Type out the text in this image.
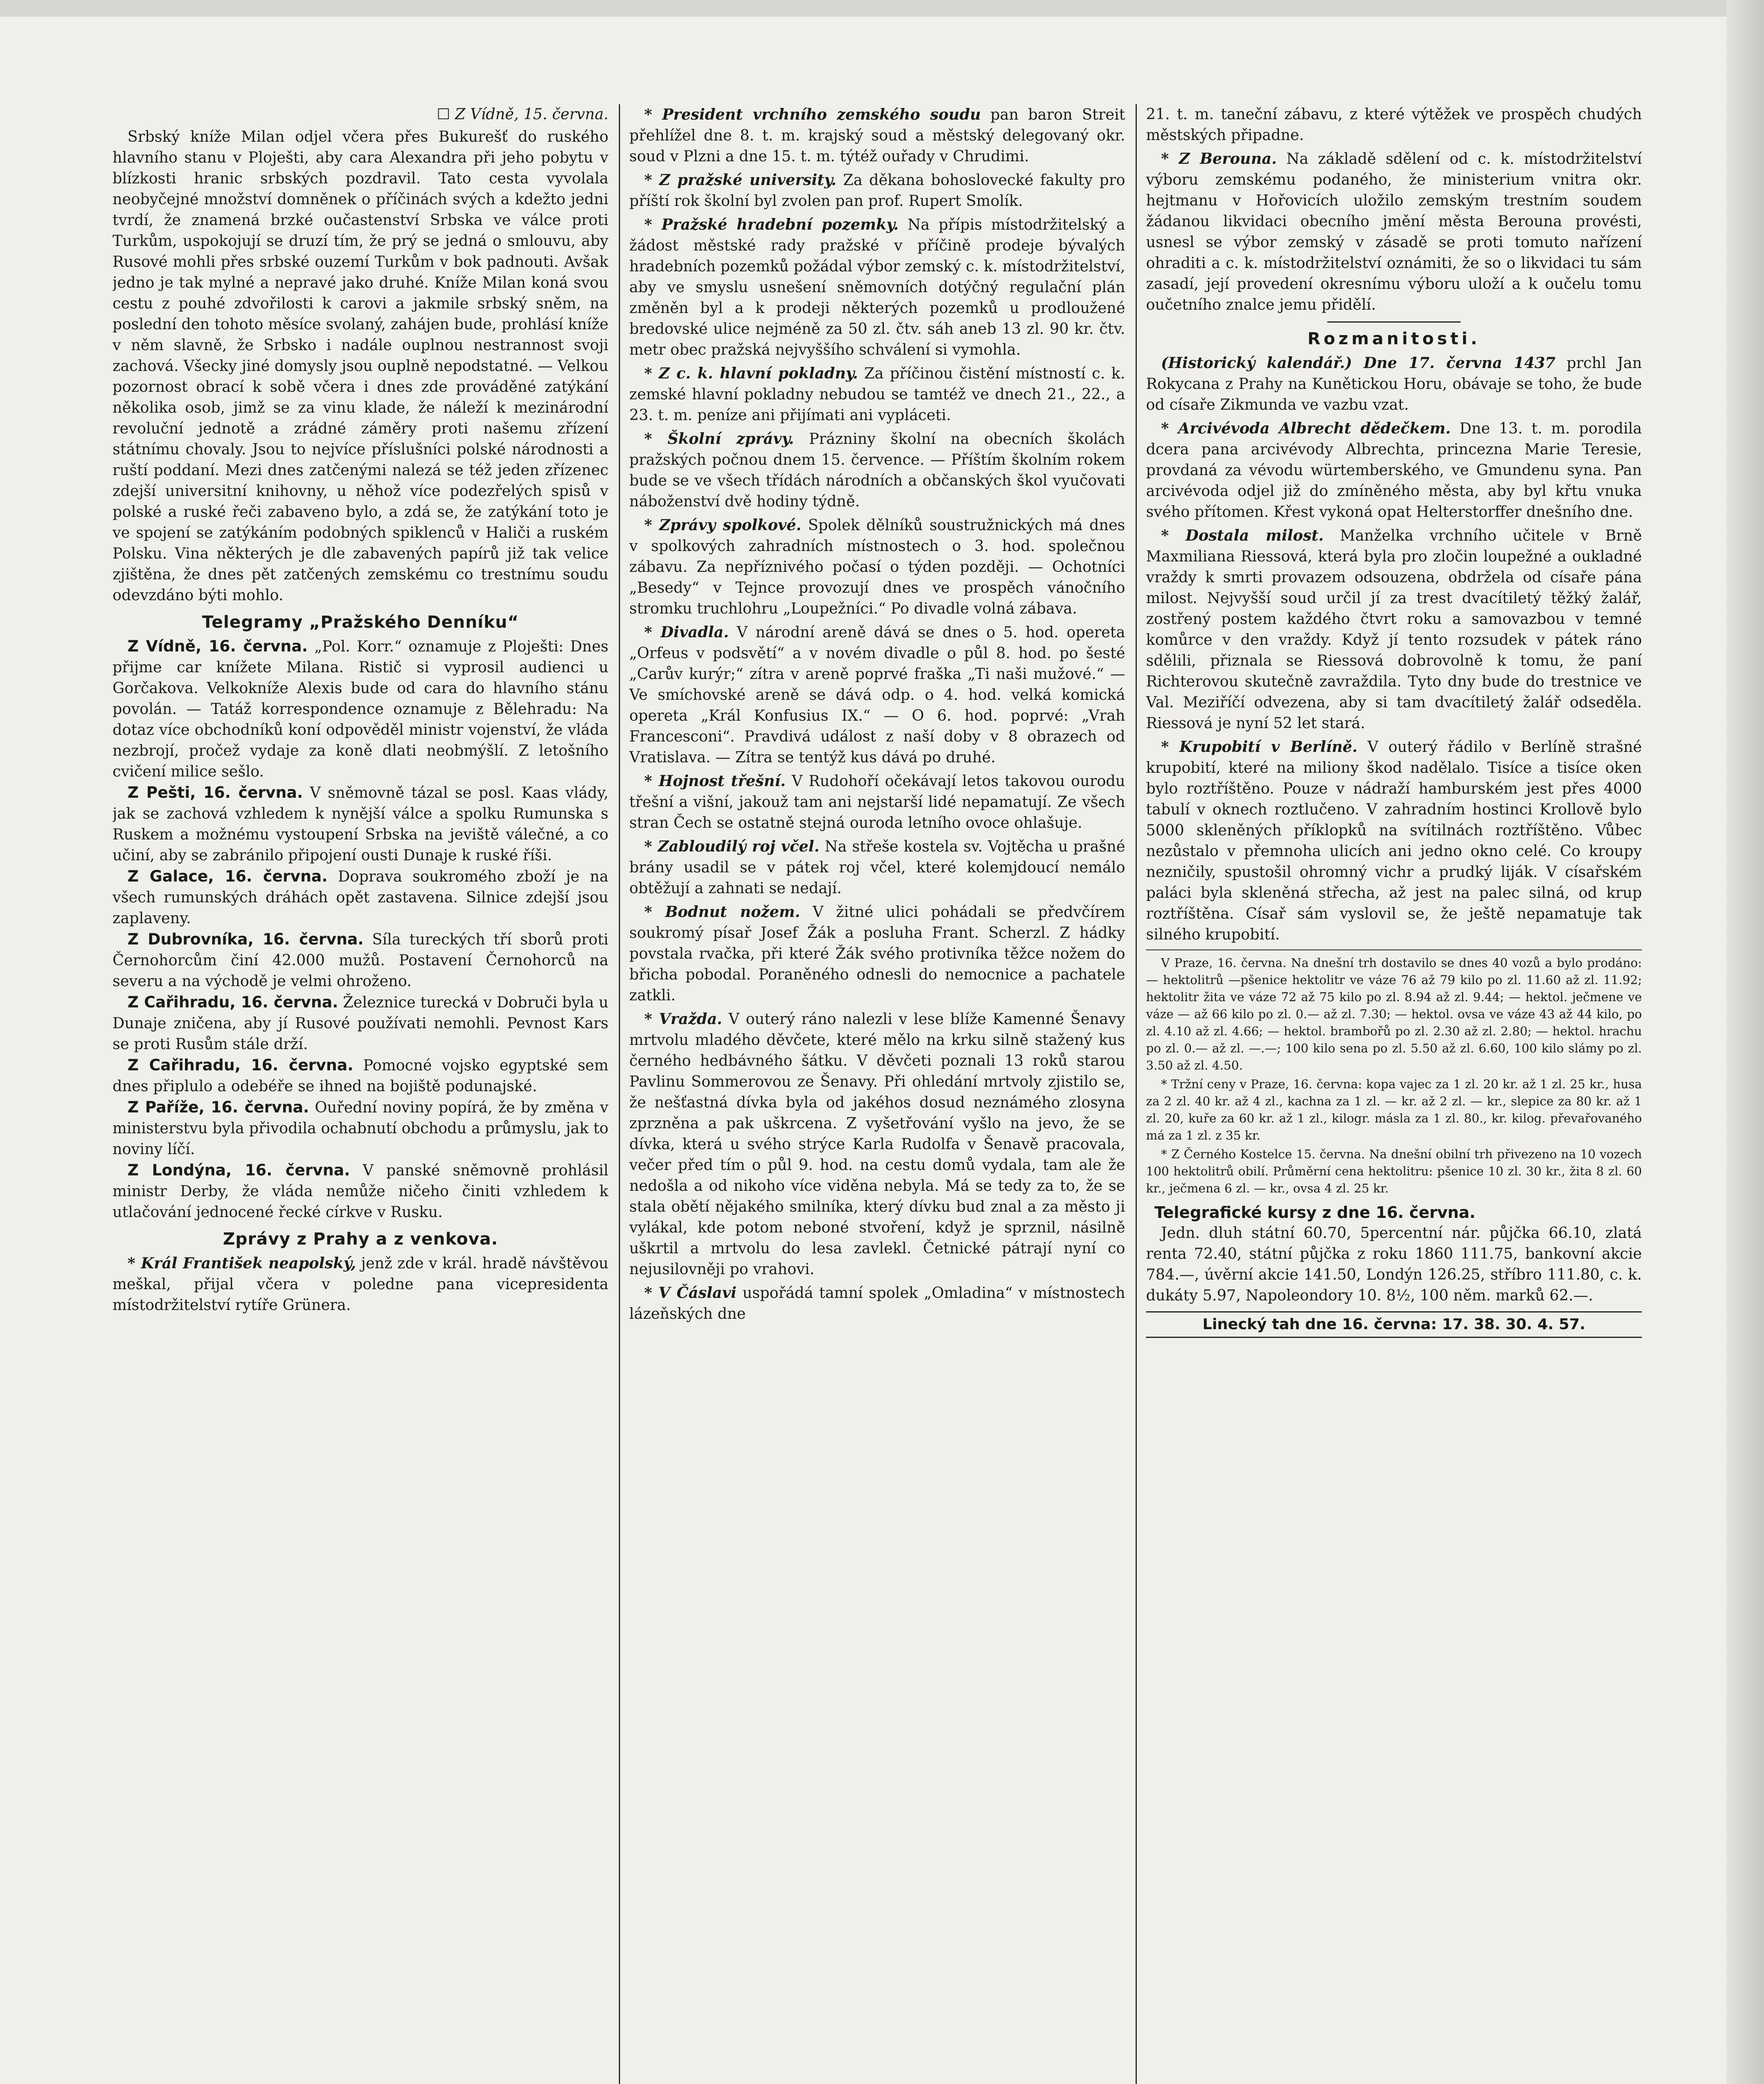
☐ Z Vídně, 15. června.

Srbský kníže Milan odjel včera přes Bukurešť do ruského hlavního stanu v Ploješti, aby cara Alexandra při jeho pobytu v blízkosti hranic srbských pozdravil. Tato cesta vyvolala neobyčejné množství domněnek o příčinách svých a kdežto jedni tvrdí, že znamená brzké oučastenství Srbska ve válce proti Turkům, uspokojují se druzí tím, že prý se jedná o smlouvu, aby Rusové mohli přes srbské ouzemí Turkům v bok padnouti. Avšak jedno je tak mylné a nepravé jako druhé. Kníže Milan koná svou cestu z pouhé zdvořilosti k carovi a jakmile srbský sněm, na poslední den tohoto měsíce svolaný, zahájen bude, prohlásí kníže v něm slavně, že Srbsko i nadále ouplnou nestrannost svoji zachová. Všecky jiné domysly jsou ouplně nepodstatné. — Velkou pozornost obrací k sobě včera i dnes zde prováděné zatýkání několika osob, jimž se za vinu klade, že náleží k mezinárodní revoluční jednotě a zrádné záměry proti našemu zřízení státnímu chovaly. Jsou to nejvíce příslušníci polské národnosti a ruští poddaní. Mezi dnes zatčenými nalezá se též jeden zřízenec zdejší universitní knihovny, u něhož více podezřelých spisů v polské a ruské řeči zabaveno bylo, a zdá se, že zatýkání toto je ve spojení se zatýkáním podobných spiklenců v Haliči a ruském Polsku. Vina některých je dle zabavených papírů již tak velice zjištěna, že dnes pět zatčených zemskému co trestnímu soudu odevzdáno býti mohlo.

Telegramy „Pražského Denníku“

Z Vídně, 16. června. „Pol. Korr.“ oznamuje z Ploješti: Dnes přijme car knížete Milana. Ristič si vyprosil audienci u Gorčakova. Velkokníže Alexis bude od cara do hlavního stánu povolán. — Tatáž korrespondence oznamuje z Bělehradu: Na dotaz více obchodníků koní odpověděl ministr vojenství, že vláda nezbrojí, pročež vydaje za koně dlati neobmýšlí. Z letošního cvičení milice sešlo.

Z Pešti, 16. června. V sněmovně tázal se posl. Kaas vlády, jak se zachová vzhledem k nynější válce a spolku Rumunska s Ruskem a možnému vystoupení Srbska na jeviště válečné, a co učiní, aby se zabránilo připojení ousti Dunaje k ruské říši.

Z Galace, 16. června. Doprava soukromého zboží je na všech rumunských dráhách opět zastavena. Silnice zdejší jsou zaplaveny.

Z Dubrovníka, 16. června. Síla tureckých tří sborů proti Černohorcům činí 42.000 mužů. Postavení Černohorců na severu a na východě je velmi ohroženo.

Z Cařihradu, 16. června. Železnice turecká v Dobruči byla u Dunaje zničena, aby jí Rusové používati nemohli. Pevnost Kars se proti Rusům stále drží.

Z Cařihradu, 16. června. Pomocné vojsko egyptské sem dnes připlulo a odebéře se ihned na bojiště podunajské.

Z Paříže, 16. června. Ouřední noviny popírá, že by změna v ministerstvu byla přivodila ochabnutí obchodu a průmyslu, jak to noviny líčí.

Z Londýna, 16. června. V panské sněmovně prohlásil ministr Derby, že vláda nemůže ničeho činiti vzhledem k utlačování jednocené řecké církve v Rusku.

Zprávy z Prahy a z venkova.

* Král František neapolský, jenž zde v král. hradě návštěvou meškal, přijal včera v poledne pana vicepresidenta místodržitelství rytíře Grünera.

* President vrchního zemského soudu pan baron Streit přehlížel dne 8. t. m. krajský soud a městský delegovaný okr. soud v Plzni a dne 15. t. m. týtéž ouřady v Chrudimi.

* Z pražské university. Za děkana bohoslovecké fakulty pro příští rok školní byl zvolen pan prof. Rupert Smolík.

* Pražské hradební pozemky. Na přípis místodržitelský a žádost městské rady pražské v příčině prodeje bývalých hradebních pozemků požádal výbor zemský c. k. místodržitelství, aby ve smyslu usnešení sněmovních dotýčný regulační plán změněn byl a k prodeji některých pozemků u prodloužené bredovské ulice nejméně za 50 zl. čtv. sáh aneb 13 zl. 90 kr. čtv. metr obec pražská nejvyššího schválení si vymohla.

* Z c. k. hlavní pokladny. Za příčinou čistění místností c. k. zemské hlavní pokladny nebudou se tamtéž ve dnech 21., 22., a 23. t. m. peníze ani přijímati ani vypláceti.

* Školní zprávy. Prázniny školní na obecních školách pražských počnou dnem 15. července. — Příštím školním rokem bude se ve všech třídách národních a občanských škol vyučovati náboženství dvě hodiny týdně.

* Zprávy spolkové. Spolek dělníků soustružnických má dnes v spolkových zahradních místnostech o 3. hod. společnou zábavu. Za nepříznivého počasí o týden později. — Ochotníci „Besedy“ v Tejnce provozují dnes ve prospěch vánočního stromku truchlohru „Loupežníci.“ Po divadle volná zábava.

* Divadla. V národní areně dává se dnes o 5. hod. opereta „Orfeus v podsvětí“ a v novém divadle o půl 8. hod. po šesté „Carův kurýr;“ zítra v areně poprvé fraška „Ti naši mužové.“ — Ve smíchovské areně se dává odp. o 4. hod. velká komická opereta „Král Konfusius IX.“ — O 6. hod. poprvé: „Vrah Francesconi“. Pravdivá událost z naší doby v 8 obrazech od Vratislava. — Zítra se tentýž kus dává po druhé.

* Hojnost třešní. V Rudohoří očekávají letos takovou ourodu třešní a višní, jakouž tam ani nejstarší lidé nepamatují. Ze všech stran Čech se ostatně stejná ouroda letního ovoce ohlašuje.

* Zabloudilý roj včel. Na střeše kostela sv. Vojtěcha u prašné brány usadil se v pátek roj včel, které kolemjdoucí nemálo obtěžují a zahnati se nedají.

* Bodnut nožem. V žitné ulici pohádali se předvčírem soukromý písař Josef Žák a posluha Frant. Scherzl. Z hádky povstala rvačka, při které Žák svého protivníka těžce nožem do břicha pobodal. Poraněného odnesli do nemocnice a pachatele zatkli.

* Vražda. V outerý ráno nalezli v lese blíže Kamenné Šenavy mrtvolu mladého děvčete, které mělo na krku silně stažený kus černého hedbávného šátku. V děvčeti poznali 13 roků starou Pavlinu Sommerovou ze Šenavy. Při ohledání mrtvoly zjistilo se, že nešťastná dívka byla od jakéhos dosud neznámého zlosyna zprzněna a pak uškrcena. Z vyšetřování vyšlo na jevo, že se dívka, která u svého strýce Karla Rudolfa v Šenavě pracovala, večer před tím o půl 9. hod. na cestu domů vydala, tam ale že nedošla a od nikoho více viděna nebyla. Má se tedy za to, že se stala obětí nějakého smilníka, který dívku bud znal a za město ji vylákal, kde potom neboné stvoření, když je sprznil, násilně uškrtil a mrtvolu do lesa zavlekl. Četnické pátrají nyní co nejusilovněji po vrahovi.

* V Čáslavi uspořádá tamní spolek „Omladina“ v místnostech lázeňských dne

21. t. m. taneční zábavu, z které výtěžek ve prospěch chudých městských připadne.

* Z Berouna. Na základě sdělení od c. k. místodržitelství výboru zemskému podaného, že ministerium vnitra okr. hejtmanu v Hořovicích uložilo zemským trestním soudem žádanou likvidaci obecního jmění města Berouna provésti, usnesl se výbor zemský v zásadě se proti tomuto nařízení ohraditi a c. k. místodržitelství oznámiti, že so o likvidaci tu sám zasadí, její provedení okresnímu výboru uloží a k oučelu tomu oučetního znalce jemu přidělí.

Rozmanitosti.

(Historický kalendář.) Dne 17. června 1437 prchl Jan Rokycana z Prahy na Kunětickou Horu, obávaje se toho, že bude od císaře Zikmunda ve vazbu vzat.

* Arcivévoda Albrecht dědečkem. Dne 13. t. m. porodila dcera pana arcivévody Albrechta, princezna Marie Teresie, provdaná za vévodu würtemberského, ve Gmundenu syna. Pan arcivévoda odjel již do zmíněného města, aby byl křtu vnuka svého přítomen. Křest vykoná opat Helterstorffer dnešního dne.

* Dostala milost. Manželka vrchního učitele v Brně Maxmiliana Riessová, která byla pro zločin loupežné a oukladné vraždy k smrti provazem odsouzena, obdržela od císaře pána milost. Nejvyšší soud určil jí za trest dvacítiletý těžký žalář, zostřený postem každého čtvrt roku a samovazbou v temné komůrce v den vraždy. Když jí tento rozsudek v pátek ráno sdělili, přiznala se Riessová dobrovolně k tomu, že paní Richterovou skutečně zavraždila. Tyto dny bude do trestnice ve Val. Meziříčí odvezena, aby si tam dvacítiletý žalář odseděla. Riessová je nyní 52 let stará.

* Krupobití v Berlíně. V outerý řádilo v Berlíně strašné krupobití, které na miliony škod nadělalo. Tisíce a tisíce oken bylo roztříštěno. Pouze v nádraží hamburském jest přes 4000 tabulí v oknech roztlučeno. V zahradním hostinci Krollově bylo 5000 skleněných příklopků na svítilnách roztříštěno. Vůbec nezůstalo v přemnoha ulicích ani jedno okno celé. Co kroupy nezničily, spustošil ohromný vichr a prudký liják. V císařském paláci byla skleněná střecha, až jest na palec silná, od krup roztříštěna. Císař sám vyslovil se, že ještě nepamatuje tak silného krupobití.

V Praze, 16. června. Na dnešní trh dostavilo se dnes 40 vozů a bylo prodáno: — hektolitrů —pšenice hektolitr ve váze 76 až 79 kilo po zl. 11.60 až zl. 11.92; hektolitr žita ve váze 72 až 75 kilo po zl. 8.94 až zl. 9.44; — hektol. ječmene ve váze — až 66 kilo po zl. 0.— až zl. 7.30; — hektol. ovsa ve váze 43 až 44 kilo, po zl. 4.10 až zl. 4.66; — hektol. brambořů po zl. 2.30 až zl. 2.80; — hektol. hrachu po zl. 0.— až zl. —.—; 100 kilo sena po zl. 5.50 až zl. 6.60, 100 kilo slámy po zl. 3.50 až zl. 4.50.

* Tržní ceny v Praze, 16. června: kopa vajec za 1 zl. 20 kr. až 1 zl. 25 kr., husa za 2 zl. 40 kr. až 4 zl., kachna za 1 zl. — kr. až 2 zl. — kr., slepice za 80 kr. až 1 zl. 20, kuře za 60 kr. až 1 zl., kilogr. másla za 1 zl. 80., kr. kilog. převařovaného má za 1 zl. z 35 kr.

* Z Černého Kostelce 15. června. Na dnešní obilní trh přivezeno na 10 vozech 100 hektolitrů obilí. Průměrní cena hektolitru: pšenice 10 zl. 30 kr., žita 8 zl. 60 kr., ječmena 6 zl. — kr., ovsa 4 zl. 25 kr.

Telegrafické kursy z dne 16. června.

Jedn. dluh státní 60.70, 5percentní nár. půjčka 66.10, zlatá renta 72.40, státní půjčka z roku 1860 111.75, bankovní akcie 784.—, úvěrní akcie 141.50, Londýn 126.25, stříbro 111.80, c. k. dukáty 5.97, Napoleondory 10. 8½, 100 něm. marků 62.—.

Linecký tah dne 16. června: 17. 38. 30. 4. 57.
